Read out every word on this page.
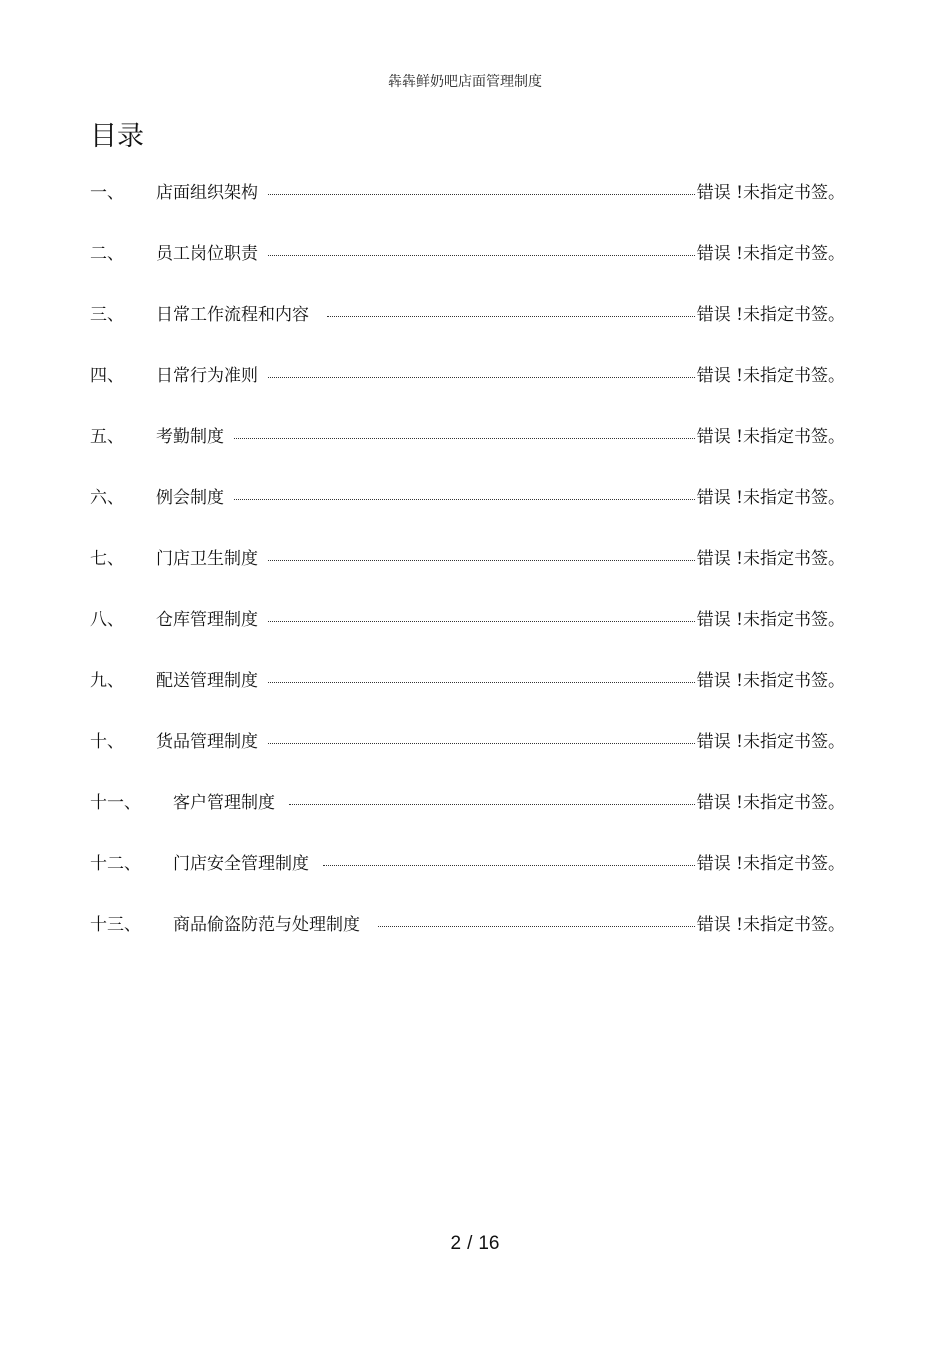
犇犇鲜奶吧店面管理制度
目录
一、	店面组织架构	错误 !未指定书签。
二、	员工岗位职责	错误 !未指定书签。
三、	日常工作流程和内容	错误 !未指定书签。
四、	日常行为准则	错误 !未指定书签。
五、	考勤制度	错误 !未指定书签。
六、	例会制度	错误 !未指定书签。
七、	门店卫生制度	错误 !未指定书签。
八、	仓库管理制度	错误 !未指定书签。
九、	配送管理制度	错误 !未指定书签。
十、	货品管理制度	错误 !未指定书签。
十一、	客户管理制度	错误 !未指定书签。
十二、	门店安全管理制度	错误 !未指定书签。
十三、	商品偷盗防范与处理制度	错误 !未指定书签。
2 / 16
